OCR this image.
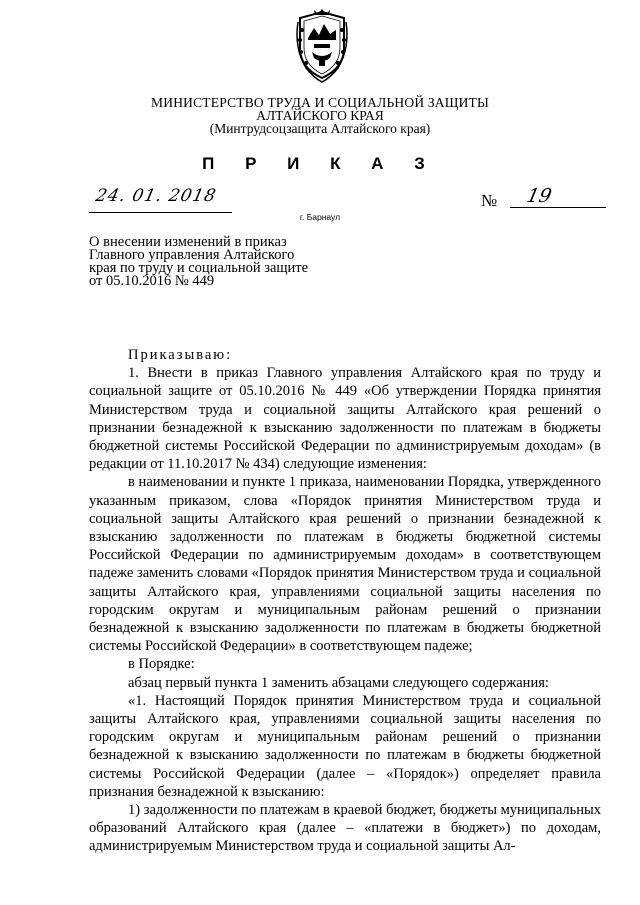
МИНИСТЕРСТВО ТРУДА И СОЦИАЛЬНОЙ ЗАЩИТЫ
АЛТАЙСКОГО КРАЯ
(Минтрудсоцзащита Алтайского края)
П Р И К А З
24. 01. 2018	№ 19
г. Барнаул
О внесении изменений в приказ
Главного управления Алтайского
края по труду и социальной защите
от 05.10.2016 № 449

Приказываю:

1. Внести в приказ Главного управления Алтайского края по труду и социальной защите от 05.10.2016 № 449 «Об утверждении Порядка принятия Министерством труда и социальной защиты Алтайского края решений о признании безнадежной к взысканию задолженности по платежам в бюджеты бюджетной системы Российской Федерации по администрируемым доходам» (в редакции от 11.10.2017 № 434) следующие изменения:

в наименовании и пункте 1 приказа, наименовании Порядка, утвержденного указанным приказом, слова «Порядок принятия Министерством труда и социальной защиты Алтайского края решений о признании безнадежной к взысканию задолженности по платежам в бюджеты бюджетной системы Российской Федерации по администрируемым доходам» в соответствующем падеже заменить словами «Порядок принятия Министерством труда и социальной защиты Алтайского края, управлениями социальной защиты населения по городским округам и муниципальным районам решений о признании безнадежной к взысканию задолженности по платежам в бюджеты бюджетной системы Российской Федерации» в соответствующем падеже;

в Порядке:

абзац первый пункта 1 заменить абзацами следующего содержания:

«1. Настоящий Порядок принятия Министерством труда и социальной защиты Алтайского края, управлениями социальной защиты населения по городским округам и муниципальным районам решений о признании безнадежной к взысканию задолженности по платежам в бюджеты бюджетной системы Российской Федерации (далее – «Порядок») определяет правила признания безнадежной к взысканию:

1) задолженности по платежам в краевой бюджет, бюджеты муниципальных образований Алтайского края (далее – «платежи в бюджет») по доходам, администрируемым Министерством труда и социальной защиты Ал-
